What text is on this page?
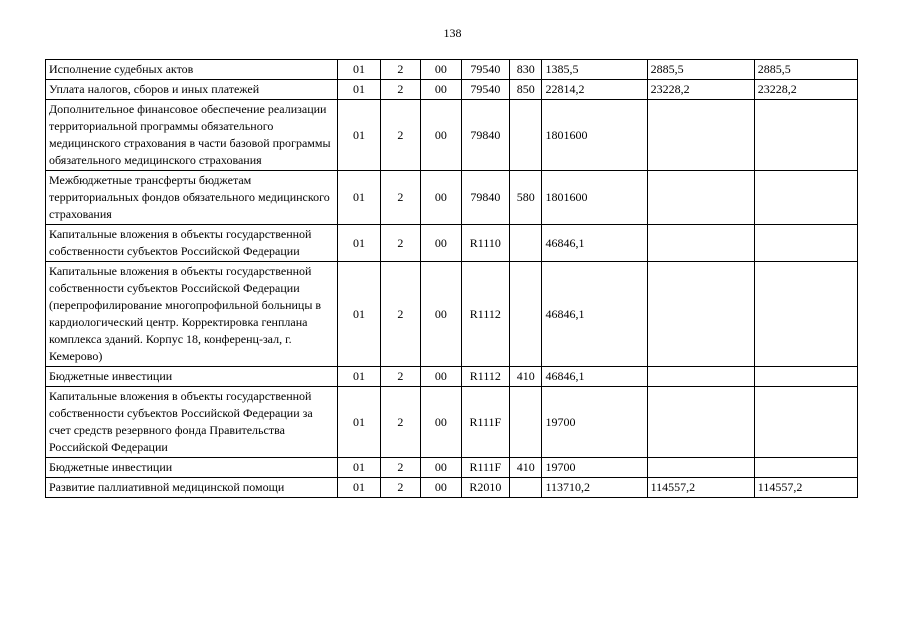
138
Исполнение судебных актов	01	2	00	79540	830	1385,5	2885,5	2885,5
Уплата налогов, сборов и иных платежей	01	2	00	79540	850	22814,2	23228,2	23228,2
Дополнительное финансовое обеспечение реализации территориальной программы обязательного медицинского страхования в части базовой программы обязательного медицинского страхования	01	2	00	79840		1801600		
Межбюджетные трансферты бюджетам территориальных фондов обязательного медицинского страхования	01	2	00	79840	580	1801600		
Капитальные вложения в объекты государственной собственности субъектов Российской Федерации	01	2	00	R1110		46846,1		
Капитальные вложения в объекты государственной собственности субъектов Российской Федерации (перепрофилирование многопрофильной больницы в кардиологический центр. Корректировка генплана комплекса зданий. Корпус 18, конференц-зал, г. Кемерово)	01	2	00	R1112		46846,1		
Бюджетные инвестиции	01	2	00	R1112	410	46846,1		
Капитальные вложения в объекты государственной собственности субъектов Российской Федерации за счет средств резервного фонда Правительства Российской Федерации	01	2	00	R111F		19700		
Бюджетные инвестиции	01	2	00	R111F	410	19700		
Развитие паллиативной медицинской помощи	01	2	00	R2010		113710,2	114557,2	114557,2
